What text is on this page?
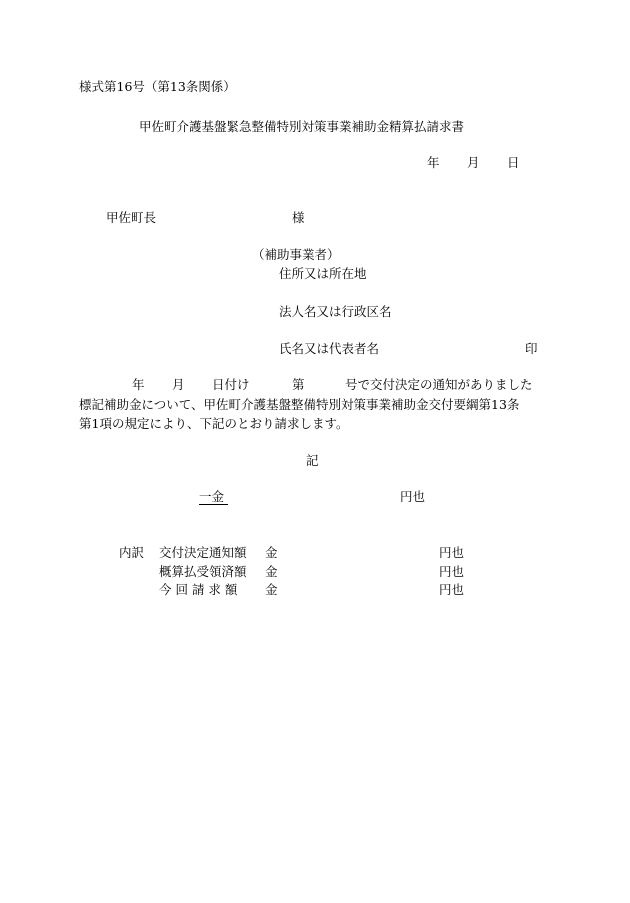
様式第16号（第13条関係）
甲佐町介護基盤緊急整備特別対策事業補助金精算払請求書
年 月 日
甲佐町長	様
（補助事業者）
住所又は所在地
法人名又は行政区名
氏名又は代表者名	印
年 月 日付け	第	号で交付決定の通知がありました
標記補助金について、甲佐町介護基盤整備特別対策事業補助金交付要綱第13条
第1項の規定により、下記のとおり請求します。
記
一金	円也

内訳 交付決定通知額 金	円也
概算払受領済額 金	円也
今 回 請 求 額 金	円也
